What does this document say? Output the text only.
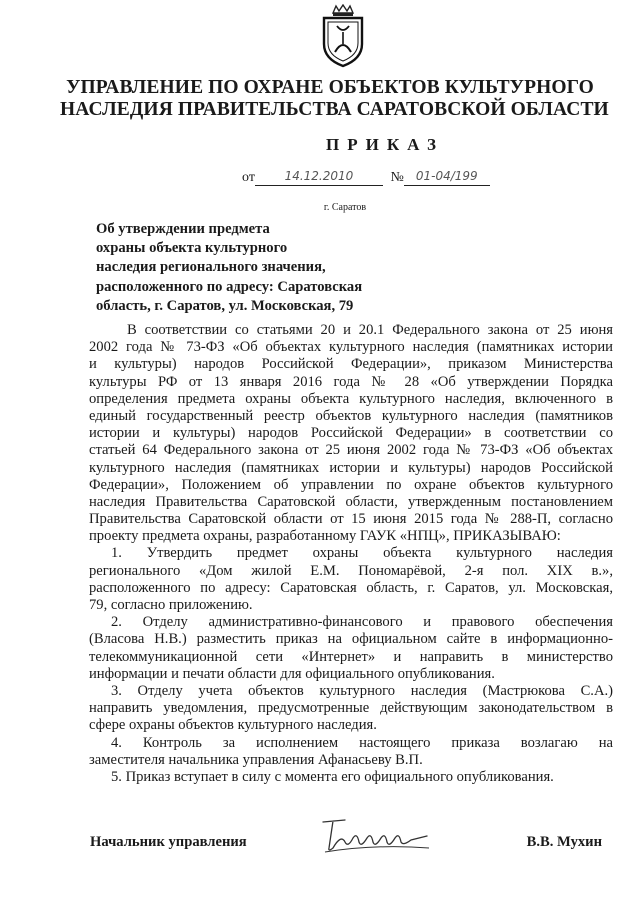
УПРАВЛЕНИЕ ПО ОХРАНЕ ОБЪЕКТОВ КУЛЬТУРНОГО
НАСЛЕДИЯ ПРАВИТЕЛЬСТВА САРАТОВСКОЙ ОБЛАСТИ
ПРИКАЗ
от 14.12.2010	№ 01-04/199
г. Саратов
Об утверждении предмета
охраны объекта культурного
наследия регионального значения,
расположенного по адресу: Саратовская
область, г. Саратов, ул. Московская, 79
В соответствии со статьями 20 и 20.1 Федерального закона от 25 июня
2002 года № 73-ФЗ «Об объектах культурного наследия (памятниках истории
и культуры) народов Российской Федерации», приказом Министерства
культуры РФ от 13 января 2016 года № 28 «Об утверждении Порядка
определения предмета охраны объекта культурного наследия, включенного в
единый государственный реестр объектов культурного наследия (памятников
истории и культуры) народов Российской Федерации» в соответствии со
статьей 64 Федерального закона от 25 июня 2002 года № 73-ФЗ «Об объектах
культурного наследия (памятниках истории и культуры) народов Российской
Федерации», Положением об управлении по охране объектов культурного
наследия Правительства Саратовской области, утвержденным постановлением
Правительства Саратовской области от 15 июня 2015 года № 288-П, согласно
проекту предмета охраны, разработанному ГАУК «НПЦ», ПРИКАЗЫВАЮ:
1. Утвердить предмет охраны объекта культурного наследия
регионального «Дом жилой Е.М. Пономарёвой, 2-я пол. XIX в.»,
расположенного по адресу: Саратовская область, г. Саратов, ул. Московская,
79, согласно приложению.
2. Отделу административно-финансового и правового обеспечения
(Власова Н.В.) разместить приказ на официальном сайте в информационно-
телекоммуникационной сети «Интернет» и направить в министерство
информации и печати области для официального опубликования.
3. Отделу учета объектов культурного наследия (Мастрюкова С.А.)
направить уведомления, предусмотренные действующим законодательством в
сфере охраны объектов культурного наследия.
4. Контроль за исполнением настоящего приказа возлагаю на
заместителя начальника управления Афанасьеву В.П.
5. Приказ вступает в силу с момента его официального опубликования.
Начальник управления	В.В. Мухин
